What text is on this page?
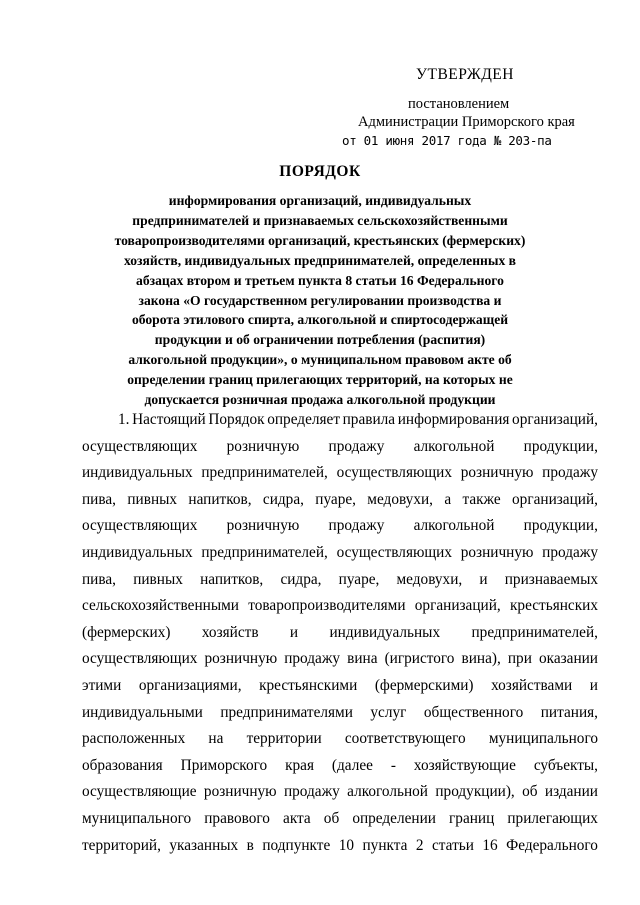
УТВЕРЖДЕН
постановлением
Администрации Приморского края
от 01 июня 2017 года № 203-па
ПОРЯДОК
информирования организаций, индивидуальных
предпринимателей и признаваемых сельскохозяйственными
товаропроизводителями организаций, крестьянских (фермерских)
хозяйств, индивидуальных предпринимателей, определенных в
абзацах втором и третьем пункта 8 статьи 16 Федерального
закона «О государственном регулировании производства и
оборота этилового спирта, алкогольной и спиртосодержащей
продукции и об ограничении потребления (распития)
алкогольной продукции», о муниципальном правовом акте об
определении границ прилегающих территорий, на которых не
допускается розничная продажа алкогольной продукции
1. Настоящий Порядок определяет правила информирования организаций,
осуществляющих розничную продажу алкогольной продукции,
индивидуальных предпринимателей, осуществляющих розничную продажу
пива, пивных напитков, сидра, пуаре, медовухи, а также организаций,
осуществляющих розничную продажу алкогольной продукции,
индивидуальных предпринимателей, осуществляющих розничную продажу
пива, пивных напитков, сидра, пуаре, медовухи, и признаваемых
сельскохозяйственными товаропроизводителями организаций, крестьянских
(фермерских) хозяйств и индивидуальных предпринимателей,
осуществляющих розничную продажу вина (игристого вина), при оказании
этими организациями, крестьянскими (фермерскими) хозяйствами и
индивидуальными предпринимателями услуг общественного питания,
расположенных на территории соответствующего муниципального
образования Приморского края (далее - хозяйствующие субъекты,
осуществляющие розничную продажу алкогольной продукции), об издании
муниципального правового акта об определении границ прилегающих
территорий, указанных в подпункте 10 пункта 2 статьи 16 Федерального
